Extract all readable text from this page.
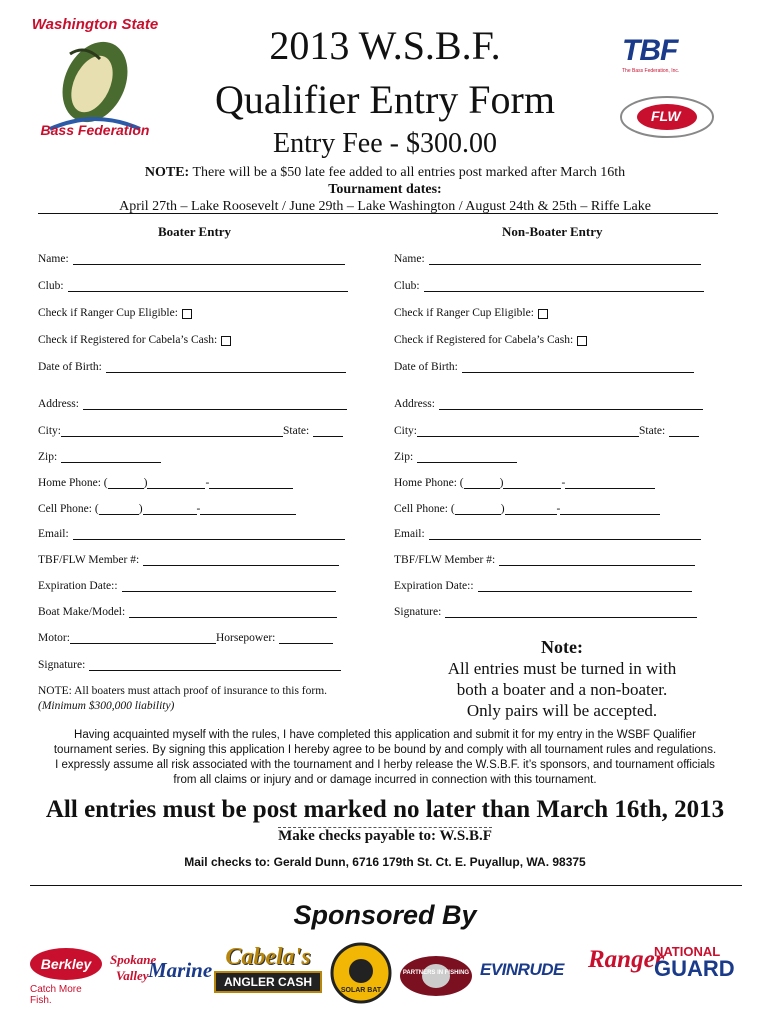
Washington State
Bass Federation
TBF
The Bass Federation, Inc.
FLW
2013 W.S.B.F.
Qualifier Entry Form
Entry Fee - $300.00
NOTE: There will be a $50 late fee added to all entries post marked after March 16th
Tournament dates:
April 27th – Lake Roosevelt / June 29th – Lake Washington / August 24th & 25th – Riffe Lake
Boater Entry	Non-Boater Entry
Name:
Club:
Check if Ranger Cup Eligible:
Check if Registered for Cabela’s Cash:
Date of Birth:
Address:
City:	State:
Zip:
Home Phone: (	)	-
Cell Phone: (	)	-
Email:
TBF/FLW Member #:
Expiration Date::
Boat Make/Model:
Motor:	Horsepower:
Signature:
NOTE: All boaters must attach proof of insurance to this form.
(Minimum $300,000 liability)
Name:
Club:
Check if Ranger Cup Eligible:
Check if Registered for Cabela’s Cash:
Date of Birth:
Address:
City:	State:
Zip:
Home Phone: (	)	-
Cell Phone: (	)	-
Email:
TBF/FLW Member #:
Expiration Date::
Signature:
Note:
All entries must be turned in with
both a boater and a non-boater.
Only pairs will be accepted.
Having acquainted myself with the rules, I have completed this application and submit it for my entry in the WSBF Qualifier
tournament series. By signing this application I hereby agree to be bound by and comply with all tournament rules and regulations.
I expressly assume all risk associated with the tournament and I herby release the W.S.B.F. it’s sponsors, and tournament officials
from all claims or injury and or damage incurred in connection with this tournament.
All entries must be post marked no later than March 16th, 2013
Make checks payable to: W.S.B.F
Mail checks to: Gerald Dunn, 6716 179th St. Ct. E. Puyallup, WA. 98375
Sponsored By
Berkley
Catch More Fish.
Spokane
Valley Marine Cabela's
ANGLER CASH
SOLAR BAT
PARTNERS IN FISHING EVINRUDE Ranger
NATIONAL
GUARD
